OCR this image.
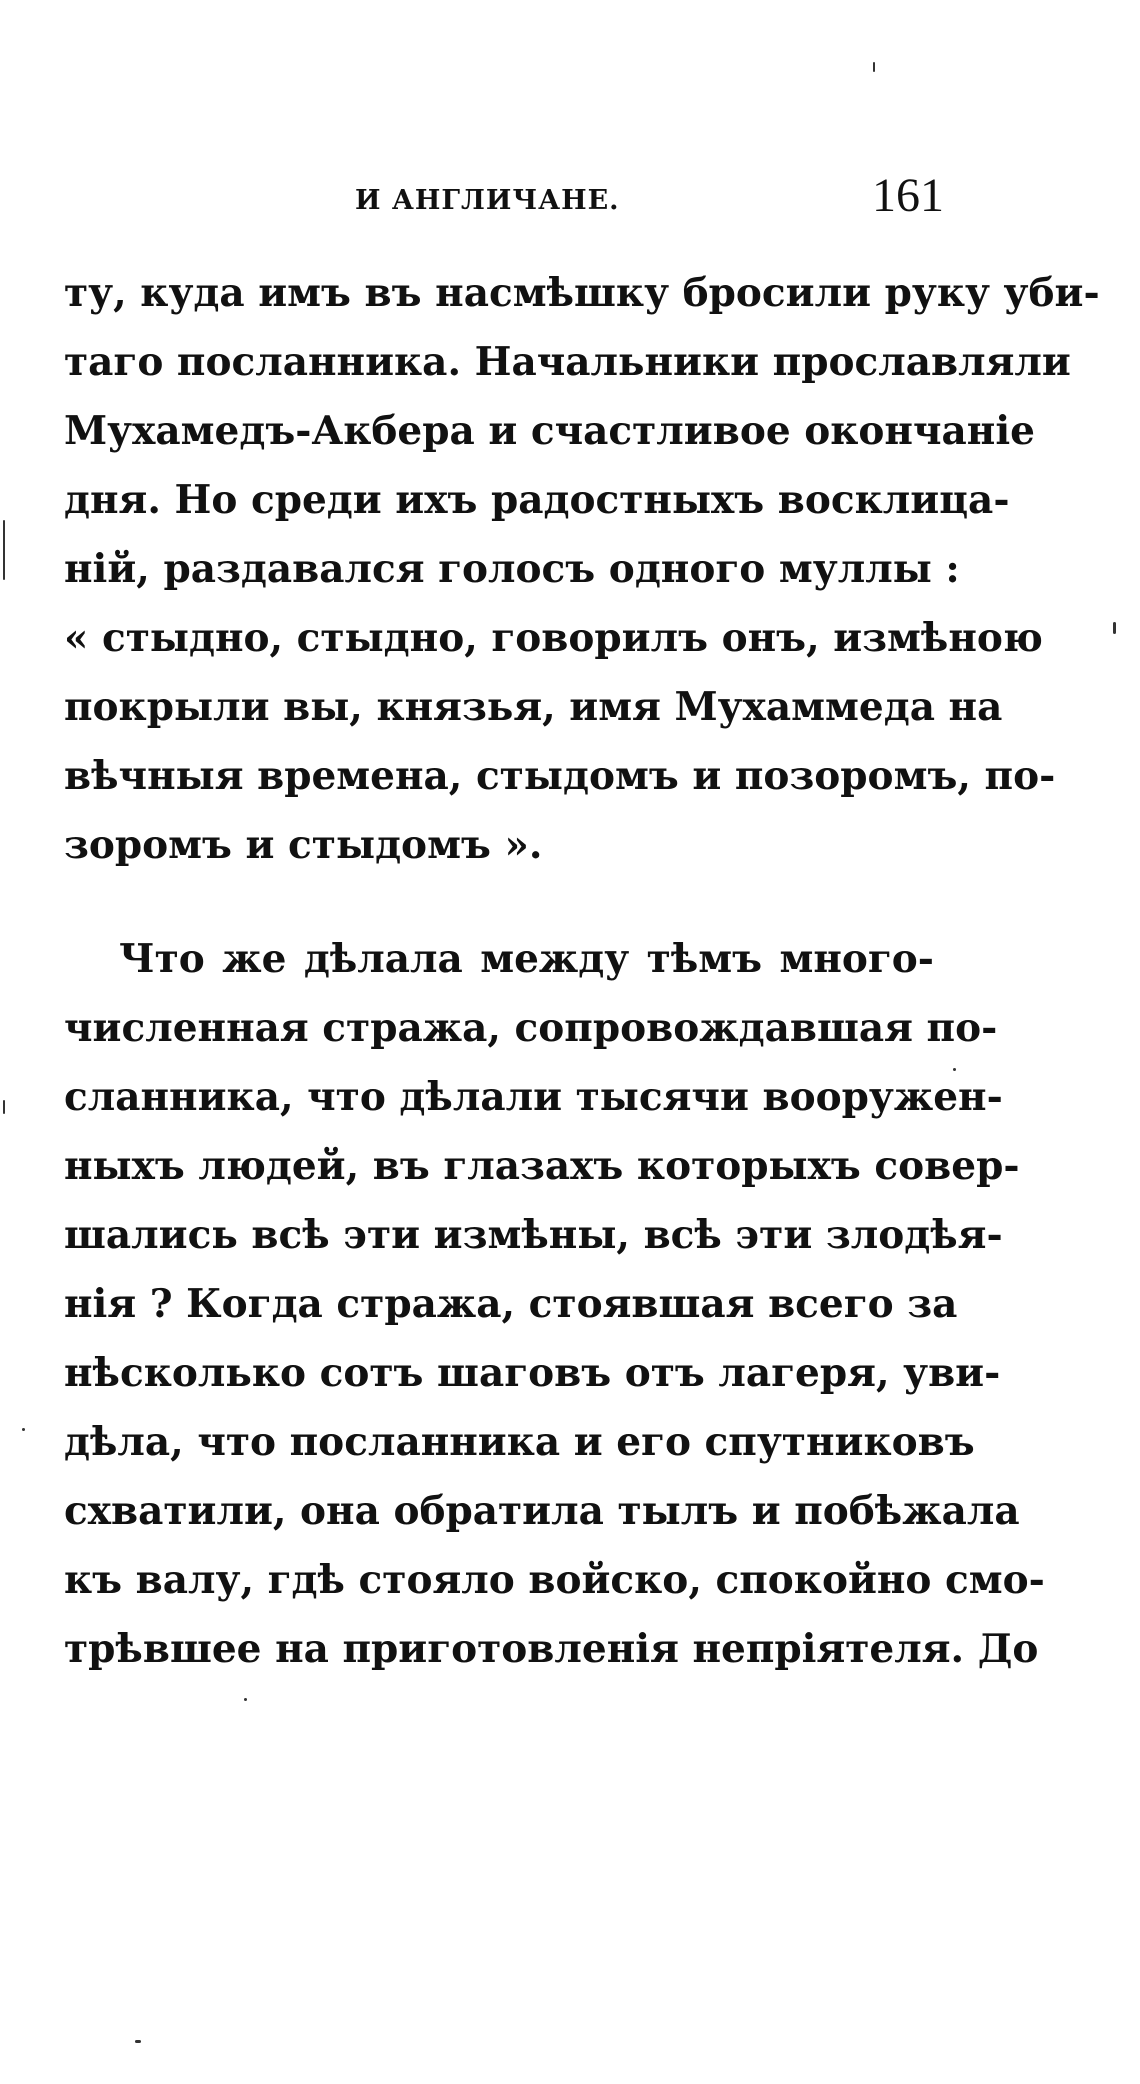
И АНГЛИЧАНЕ.	161
ту, куда имъ въ насмѣшку бросили руку уби-
таго посланника. Начальники прославляли
Мухамедъ-Акбера и счастливое окончаніе
дня. Но среди ихъ радостныхъ восклица-
ній, раздавался голосъ одного муллы :
« стыдно, стыдно, говорилъ онъ, измѣною
покрыли вы, князья, имя Мухаммеда на
вѣчныя времена, стыдомъ и позоромъ, по-
зоромъ и стыдомъ ».
Что же дѣлала между тѣмъ много-
численная стража, сопровождавшая по-
сланника, что дѣлали тысячи вооружен-
ныхъ людей, въ глазахъ которыхъ совер-
шались всѣ эти измѣны, всѣ эти злодѣя-
нія ? Когда стража, стоявшая всего за
нѣсколько сотъ шаговъ отъ лагеря, уви-
дѣла, что посланника и его спутниковъ
схватили, она обратила тылъ и побѣжала
къ валу, гдѣ стояло войско, спокойно смо-
трѣвшее на приготовленія непріятеля. До
